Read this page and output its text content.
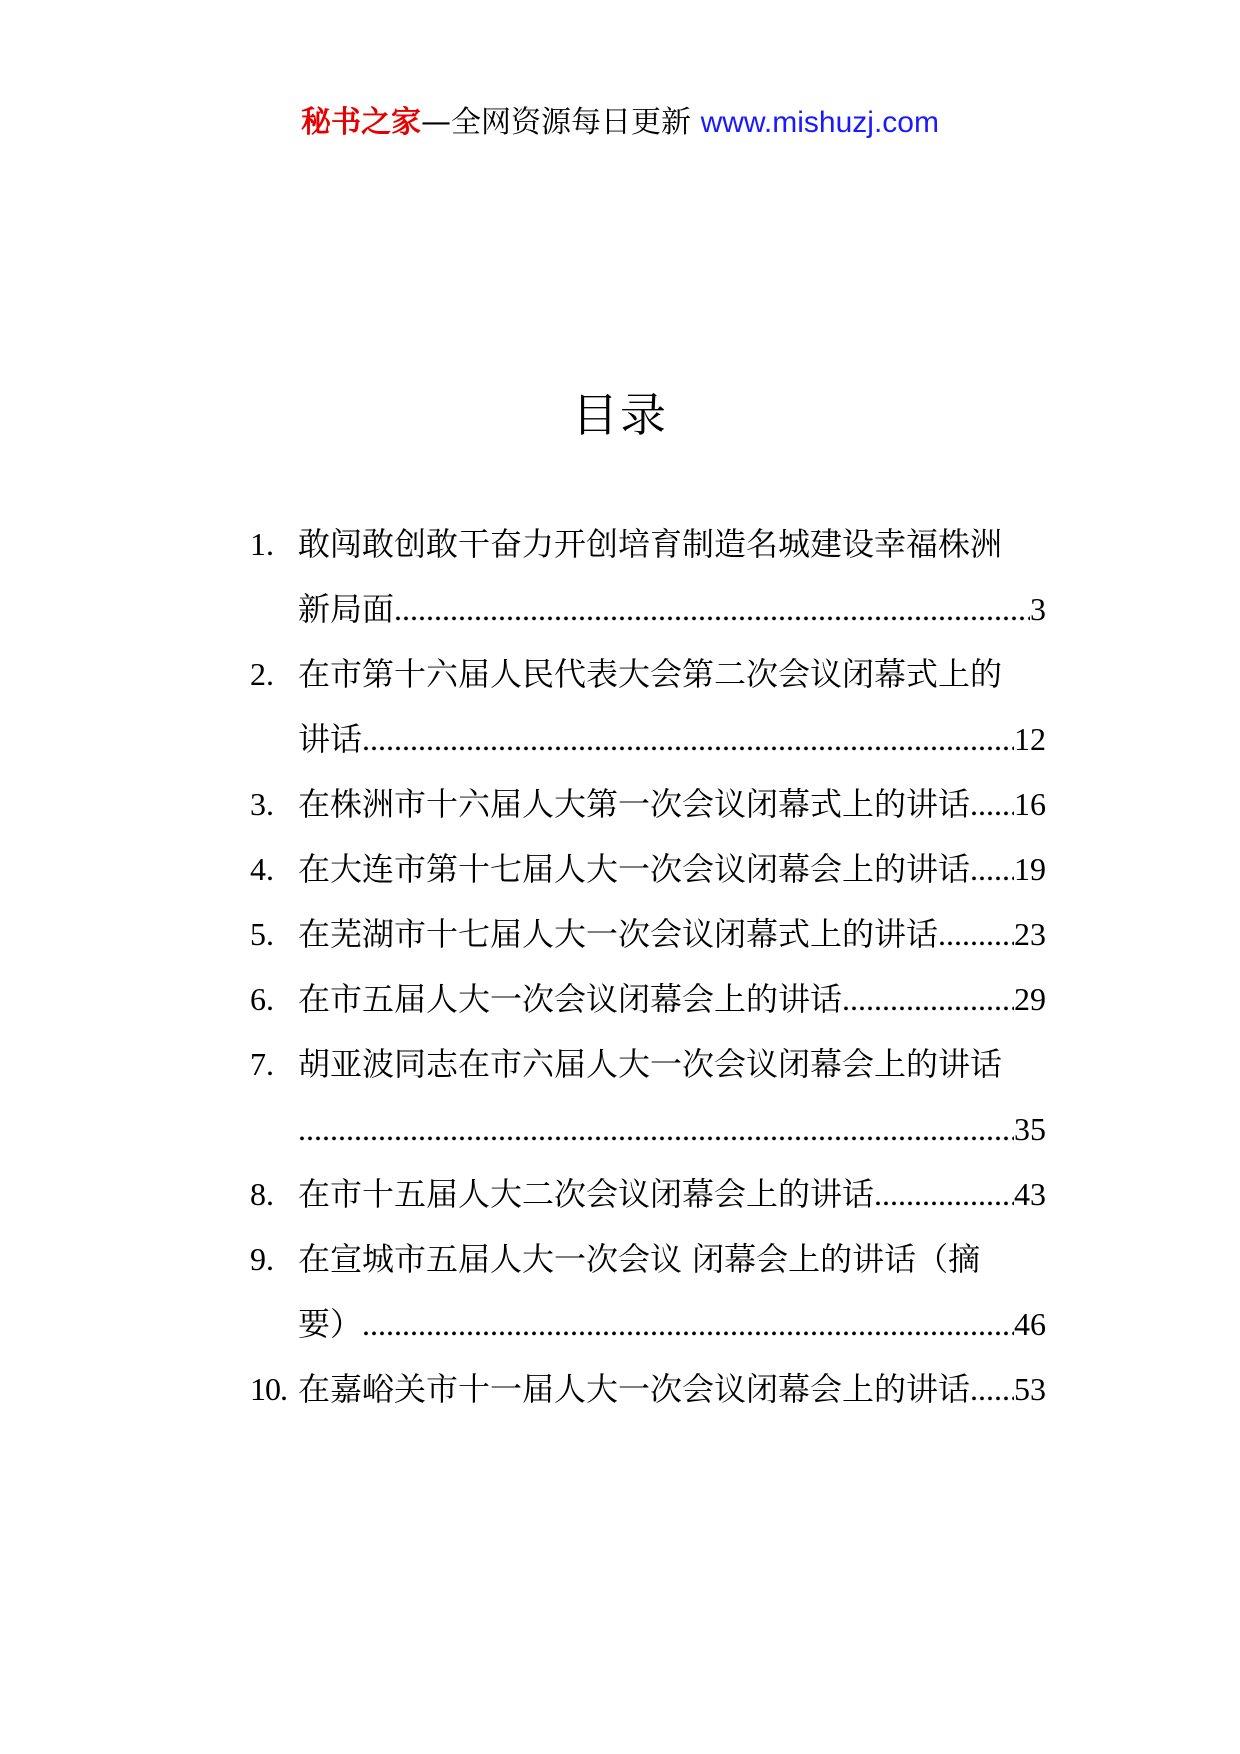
秘书之家—全网资源每日更新 www.mishuzj.com
目录
1. 敢闯敢创敢干奋力开创培育制造名城建设幸福株洲
新局面 .....	3
2. 在市第十六届人民代表大会第二次会议闭幕式上的
讲话 .....	12
3. 在株洲市十六届人大第一次会议闭幕式上的讲话 ..... 16
4. 在大连市第十七届人大一次会议闭幕会上的讲话 ..... 19
5. 在芜湖市十七届人大一次会议闭幕式上的讲话 ..... 23
6. 在市五届人大一次会议闭幕会上的讲话 .....	29
7. 胡亚波同志在市六届人大一次会议闭幕会上的讲话
.....
35
8. 在市十五届人大二次会议闭幕会上的讲话 .....	43
9. 在宣城市五届人大一次会议 闭幕会上的讲话（摘
要） .....	46
10. 在嘉峪关市十一届人大一次会议闭幕会上的讲话 ..... 53
